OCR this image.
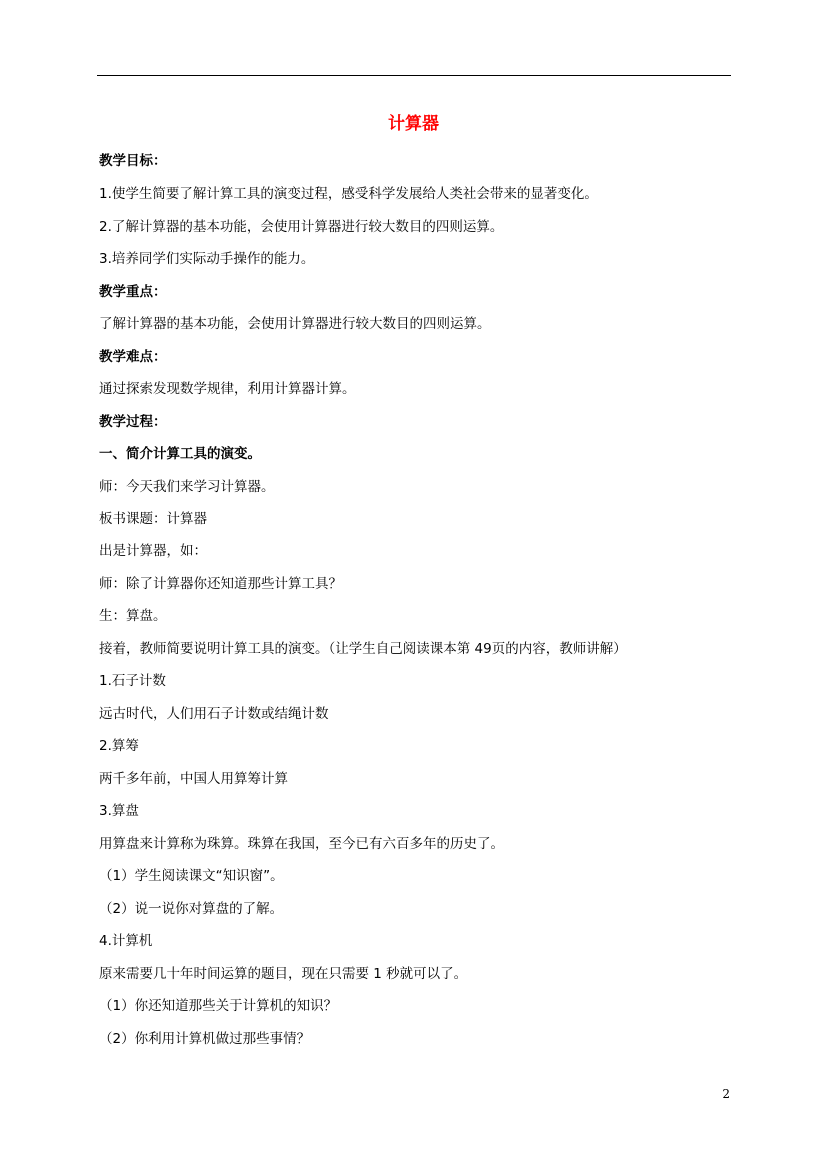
计算器
教学目标：
1.使学生简要了解计算工具的演变过程，感受科学发展给人类社会带来的显著变化。
2.了解计算器的基本功能，会使用计算器进行较大数目的四则运算。
3.培养同学们实际动手操作的能力。
教学重点：
了解计算器的基本功能，会使用计算器进行较大数目的四则运算。
教学难点：
通过探索发现数学规律，利用计算器计算。
教学过程：
一、简介计算工具的演变。
师：今天我们来学习计算器。
板书课题：计算器
出是计算器，如：
师：除了计算器你还知道那些计算工具？
生：算盘。
接着，教师简要说明计算工具的演变。（让学生自己阅读课本第 49页的内容，教师讲解）
1.石子计数
远古时代，人们用石子计数或结绳计数
2.算筹
两千多年前，中国人用算筹计算
3.算盘
用算盘来计算称为珠算。珠算在我国，至今已有六百多年的历史了。
（1）学生阅读课文“知识窗”。
（2）说一说你对算盘的了解。
4.计算机
原来需要几十年时间运算的题目，现在只需要 1 秒就可以了。
（1）你还知道那些关于计算机的知识？
（2）你利用计算机做过那些事情？
2
